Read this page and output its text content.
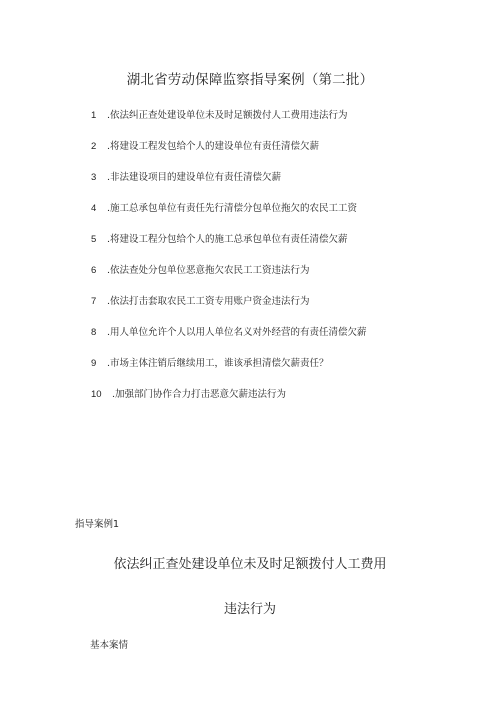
湖北省劳动保障监察指导案例（第二批）
1 .依法纠正查处建设单位未及时足额拨付人工费用违法行为
2 .将建设工程发包给个人的建设单位有责任清偿欠薪
3 .非法建设项目的建设单位有责任清偿欠薪
4 .施工总承包单位有责任先行清偿分包单位拖欠的农民工工资
5 .将建设工程分包给个人的施工总承包单位有责任清偿欠薪
6 .依法查处分包单位恶意拖欠农民工工资违法行为
7 .依法打击套取农民工工资专用账户资金违法行为
8 .用人单位允许个人以用人单位名义对外经营的有责任清偿欠薪
9 .市场主体注销后继续用工，谁该承担清偿欠薪责任？
10 .加强部门协作合力打击恶意欠薪违法行为
指导案例1
依法纠正查处建设单位未及时足额拨付人工费用
违法行为
基本案情
